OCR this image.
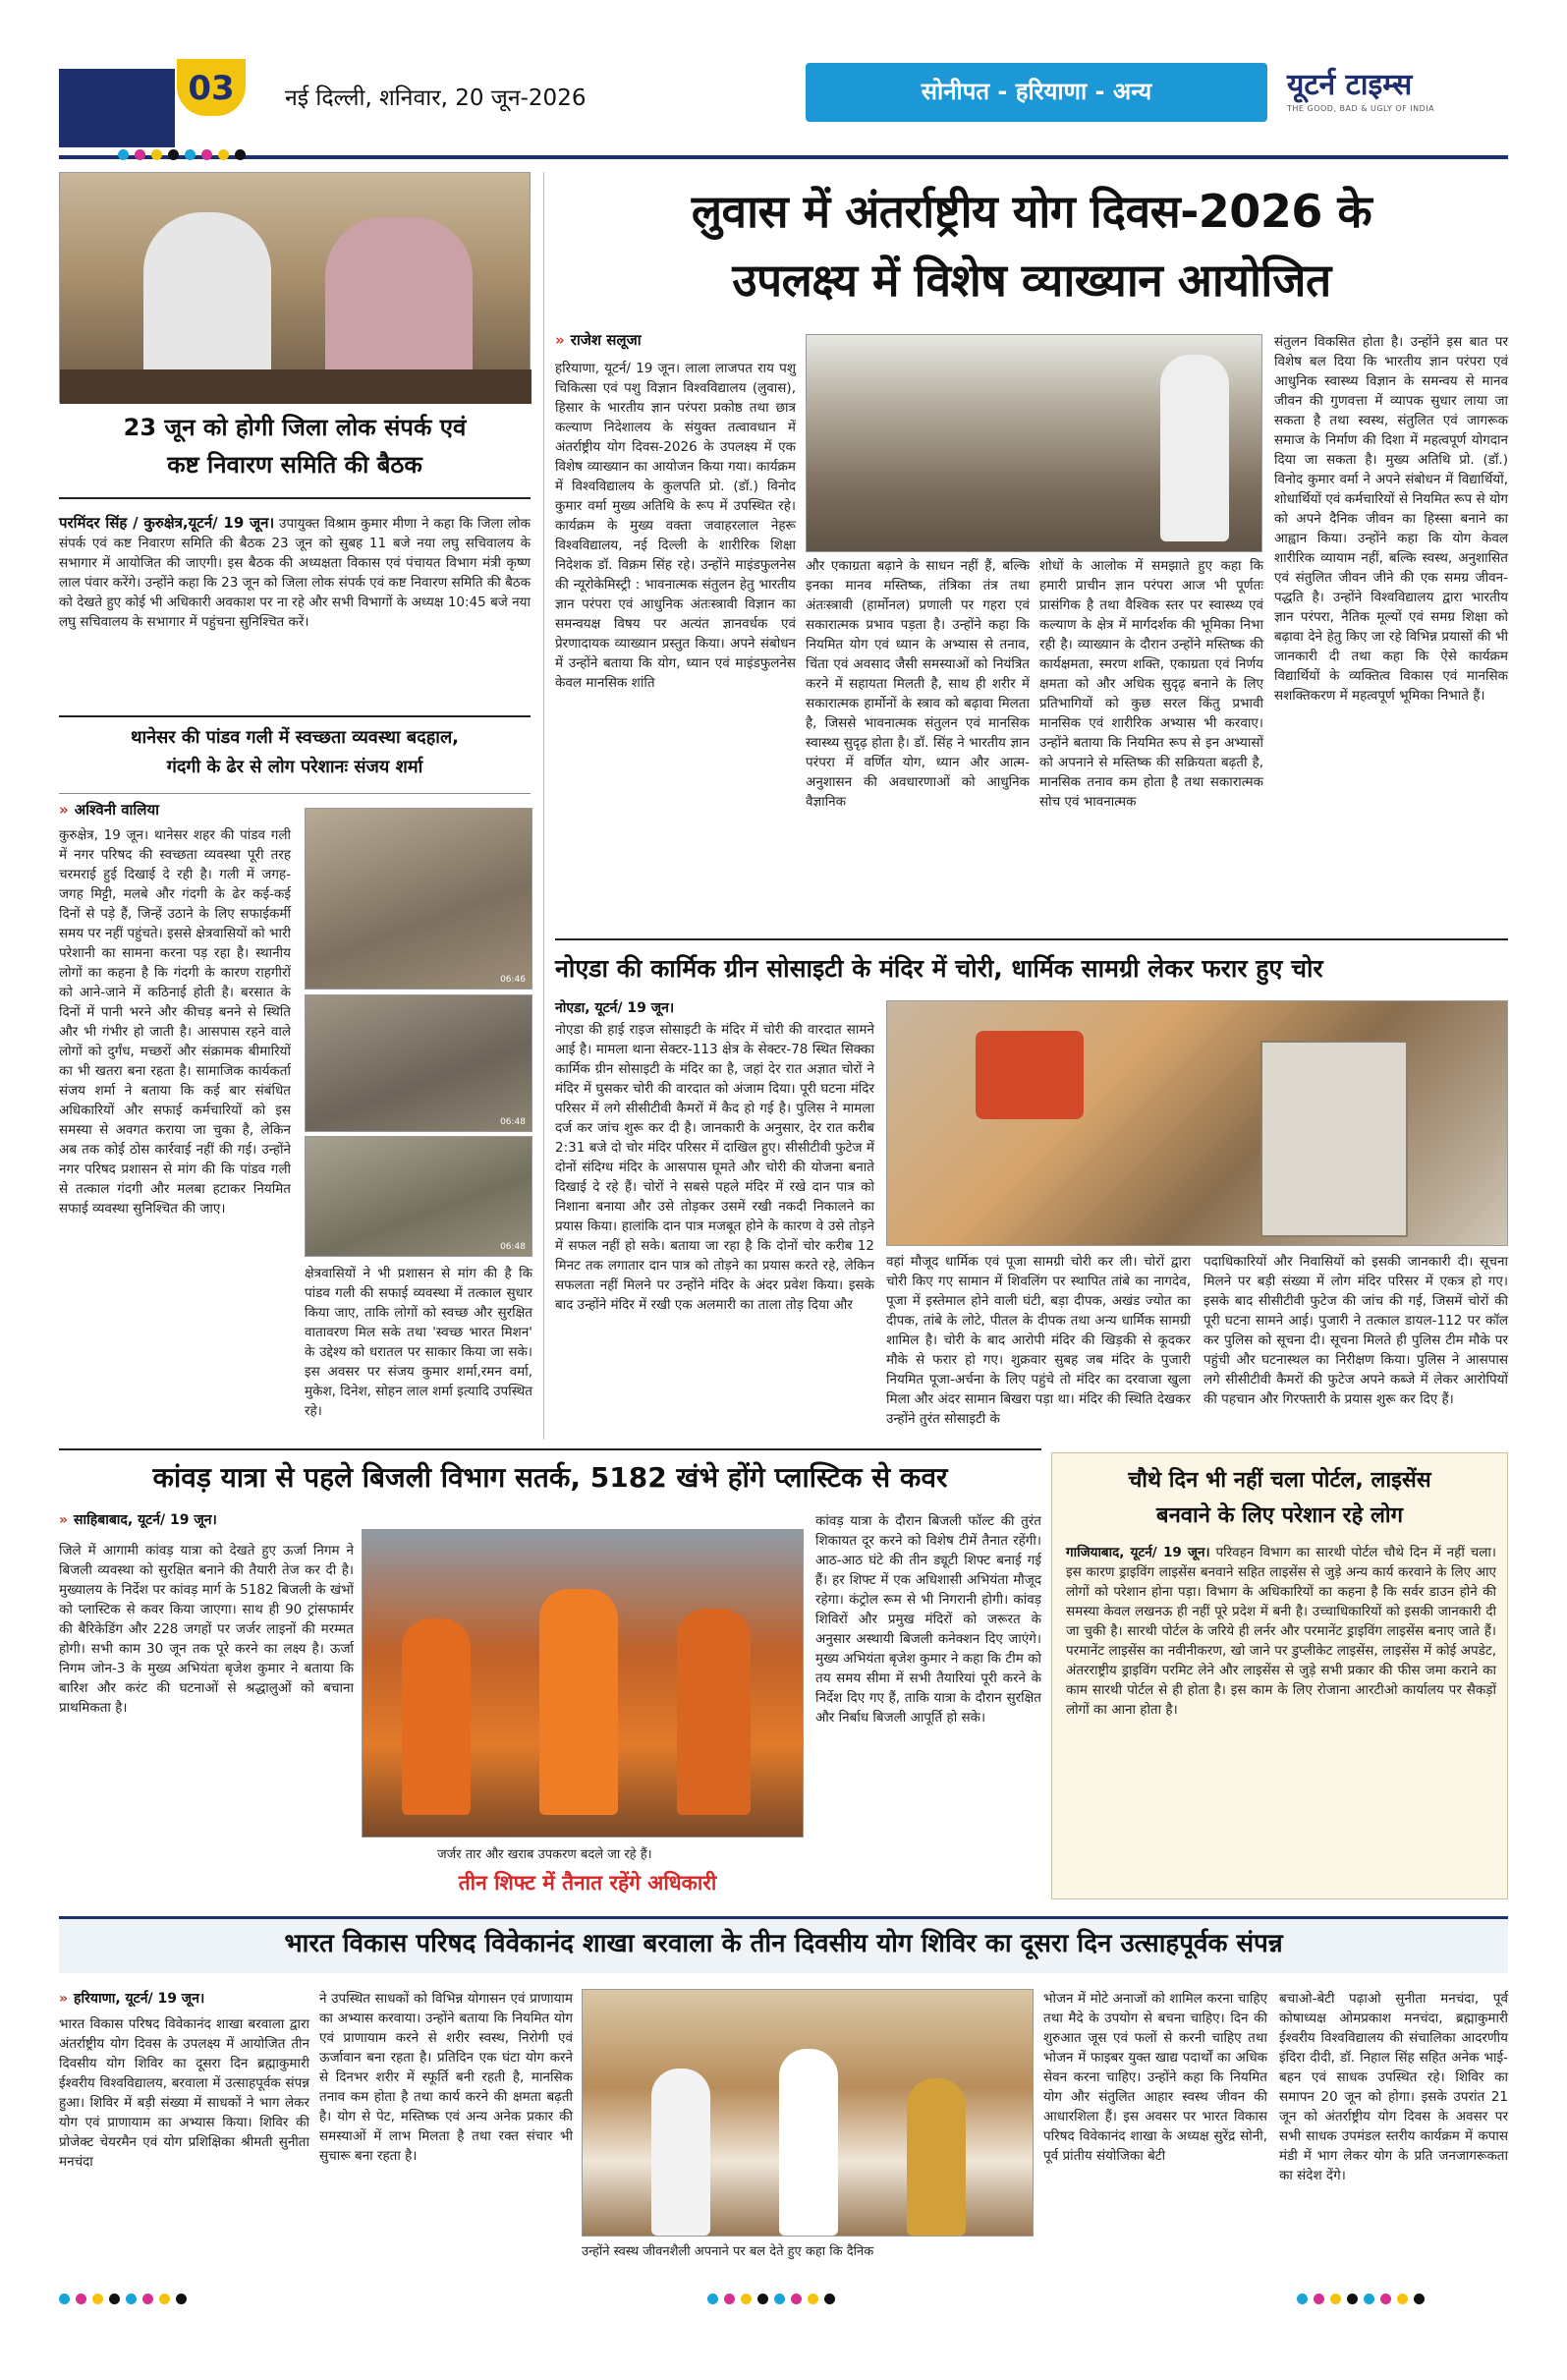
03	नई दिल्ली, शनिवार, 20 जून-2026	सोनीपत - हरियाणा - अन्य	यूटर्न टाइम्स
THE GOOD, BAD & UGLY OF INDIA
23 जून को होगी जिला लोक संपर्क एवं
कष्ट निवारण समिति की बैठक
परमिंदर सिंह / कुरुक्षेत्र,यूटर्न/ 19 जून। उपायुक्त विश्राम कुमार मीणा ने कहा कि जिला लोक संपर्क एवं कष्ट निवारण समिति की बैठक 23 जून को सुबह 11 बजे नया लघु सचिवालय के सभागार में आयोजित की जाएगी। इस बैठक की अध्यक्षता विकास एवं पंचायत विभाग मंत्री कृष्ण लाल पंवार करेंगे। उन्होंने कहा कि 23 जून को जिला लोक संपर्क एवं कष्ट निवारण समिति की बैठक को देखते हुए कोई भी अधिकारी अवकाश पर ना रहे और सभी विभागों के अध्यक्ष 10:45 बजे नया लघु सचिवालय के सभागार में पहुंचना सुनिश्चित करें।
थानेसर की पांडव गली में स्वच्छता व्यवस्था बदहाल,
गंदगी के ढेर से लोग परेशानः संजय शर्मा
» अश्विनी वालिया
कुरुक्षेत्र, 19 जून। थानेसर शहर की पांडव गली में नगर परिषद की स्वच्छता व्यवस्था पूरी तरह चरमराई हुई दिखाई दे रही है। गली में जगह-जगह मिट्टी, मलबे और गंदगी के ढेर कई-कई दिनों से पड़े हैं, जिन्हें उठाने के लिए सफाईकर्मी समय पर नहीं पहुंचते। इससे क्षेत्रवासियों को भारी परेशानी का सामना करना पड़ रहा है। स्थानीय लोगों का कहना है कि गंदगी के कारण राहगीरों को आने-जाने में कठिनाई होती है। बरसात के दिनों में पानी भरने और कीचड़ बनने से स्थिति और भी गंभीर हो जाती है। आसपास रहने वाले लोगों को दुर्गंध, मच्छरों और संक्रामक बीमारियों का भी खतरा बना रहता है। सामाजिक कार्यकर्ता संजय शर्मा ने बताया कि कई बार संबंधित अधिकारियों और सफाई कर्मचारियों को इस समस्या से अवगत कराया जा चुका है, लेकिन अब तक कोई ठोस कार्रवाई नहीं की गई। उन्होंने नगर परिषद प्रशासन से मांग की कि पांडव गली से तत्काल गंदगी और मलबा हटाकर नियमित सफाई व्यवस्था सुनिश्चित की जाए।
06:46
06:48
06:48
क्षेत्रवासियों ने भी प्रशासन से मांग की है कि पांडव गली की सफाई व्यवस्था में तत्काल सुधार किया जाए, ताकि लोगों को स्वच्छ और सुरक्षित वातावरण मिल सके तथा 'स्वच्छ भारत मिशन' के उद्देश्य को धरातल पर साकार किया जा सके। इस अवसर पर संजय कुमार शर्मा,रमन वर्मा, मुकेश, दिनेश, सोहन लाल शर्मा इत्यादि उपस्थित रहे।
लुवास में अंतर्राष्ट्रीय योग दिवस-2026 के
उपलक्ष्य में विशेष व्याख्यान आयोजित
» राजेश सलूजा
हरियाणा, यूटर्न/ 19 जून। लाला लाजपत राय पशु चिकित्सा एवं पशु विज्ञान विश्वविद्यालय (लुवास), हिसार के भारतीय ज्ञान परंपरा प्रकोष्ठ तथा छात्र कल्याण निदेशालय के संयुक्त तत्वावधान में अंतर्राष्ट्रीय योग दिवस-2026 के उपलक्ष्य में एक विशेष व्याख्यान का आयोजन किया गया। कार्यक्रम में विश्वविद्यालय के कुलपति प्रो. (डॉ.) विनोद कुमार वर्मा मुख्य अतिथि के रूप में उपस्थित रहे। कार्यक्रम के मुख्य वक्ता जवाहरलाल नेहरू विश्वविद्यालय, नई दिल्ली के शारीरिक शिक्षा निदेशक डॉ. विक्रम सिंह रहे। उन्होंने माइंडफुलनेस की न्यूरोकेमिस्ट्री : भावनात्मक संतुलन हेतु भारतीय ज्ञान परंपरा एवं आधुनिक अंतःस्त्रावी विज्ञान का समन्वयक्ष विषय पर अत्यंत ज्ञानवर्धक एवं प्रेरणादायक व्याख्यान प्रस्तुत किया। अपने संबोधन में उन्होंने बताया कि योग, ध्यान एवं माइंडफुलनेस केवल मानसिक शांति
और एकाग्रता बढ़ाने के साधन नहीं हैं, बल्कि इनका मानव मस्तिष्क, तंत्रिका तंत्र तथा अंतःस्त्रावी (हार्मोनल) प्रणाली पर गहरा एवं सकारात्मक प्रभाव पड़ता है। उन्होंने कहा कि नियमित योग एवं ध्यान के अभ्यास से तनाव, चिंता एवं अवसाद जैसी समस्याओं को नियंत्रित करने में सहायता मिलती है, साथ ही शरीर में सकारात्मक हार्मोनों के स्त्राव को बढ़ावा मिलता है, जिससे भावनात्मक संतुलन एवं मानसिक स्वास्थ्य सुदृढ़ होता है। डॉ. सिंह ने भारतीय ज्ञान परंपरा में वर्णित योग, ध्यान और आत्म-अनुशासन की अवधारणाओं को आधुनिक वैज्ञानिक
शोधों के आलोक में समझाते हुए कहा कि हमारी प्राचीन ज्ञान परंपरा आज भी पूर्णतः प्रासंगिक है तथा वैश्विक स्तर पर स्वास्थ्य एवं कल्याण के क्षेत्र में मार्गदर्शक की भूमिका निभा रही है। व्याख्यान के दौरान उन्होंने मस्तिष्क की कार्यक्षमता, स्मरण शक्ति, एकाग्रता एवं निर्णय क्षमता को और अधिक सुदृढ़ बनाने के लिए प्रतिभागियों को कुछ सरल किंतु प्रभावी मानसिक एवं शारीरिक अभ्यास भी करवाए। उन्होंने बताया कि नियमित रूप से इन अभ्यासों को अपनाने से मस्तिष्क की सक्रियता बढ़ती है, मानसिक तनाव कम होता है तथा सकारात्मक सोच एवं भावनात्मक
संतुलन विकसित होता है। उन्होंने इस बात पर विशेष बल दिया कि भारतीय ज्ञान परंपरा एवं आधुनिक स्वास्थ्य विज्ञान के समन्वय से मानव जीवन की गुणवत्ता में व्यापक सुधार लाया जा सकता है तथा स्वस्थ, संतुलित एवं जागरूक समाज के निर्माण की दिशा में महत्वपूर्ण योगदान दिया जा सकता है। मुख्य अतिथि प्रो. (डॉ.) विनोद कुमार वर्मा ने अपने संबोधन में विद्यार्थियों, शोधार्थियों एवं कर्मचारियों से नियमित रूप से योग को अपने दैनिक जीवन का हिस्सा बनाने का आह्वान किया। उन्होंने कहा कि योग केवल शारीरिक व्यायाम नहीं, बल्कि स्वस्थ, अनुशासित एवं संतुलित जीवन जीने की एक समग्र जीवन-पद्धति है। उन्होंने विश्वविद्यालय द्वारा भारतीय ज्ञान परंपरा, नैतिक मूल्यों एवं समग्र शिक्षा को बढ़ावा देने हेतु किए जा रहे विभिन्न प्रयासों की भी जानकारी दी तथा कहा कि ऐसे कार्यक्रम विद्यार्थियों के व्यक्तित्व विकास एवं मानसिक सशक्तिकरण में महत्वपूर्ण भूमिका निभाते हैं।
नोएडा की कार्मिक ग्रीन सोसाइटी के मंदिर में चोरी, धार्मिक सामग्री लेकर फरार हुए चोर
नोएडा, यूटर्न/ 19 जून।
नोएडा की हाई राइज सोसाइटी के मंदिर में चोरी की वारदात सामने आई है। मामला थाना सेक्टर-113 क्षेत्र के सेक्टर-78 स्थित सिक्का कार्मिक ग्रीन सोसाइटी के मंदिर का है, जहां देर रात अज्ञात चोरों ने मंदिर में घुसकर चोरी की वारदात को अंजाम दिया। पूरी घटना मंदिर परिसर में लगे सीसीटीवी कैमरों में कैद हो गई है। पुलिस ने मामला दर्ज कर जांच शुरू कर दी है। जानकारी के अनुसार, देर रात करीब 2:31 बजे दो चोर मंदिर परिसर में दाखिल हुए। सीसीटीवी फुटेज में दोनों संदिग्ध मंदिर के आसपास घूमते और चोरी की योजना बनाते दिखाई दे रहे हैं। चोरों ने सबसे पहले मंदिर में रखे दान पात्र को निशाना बनाया और उसे तोड़कर उसमें रखी नकदी निकालने का प्रयास किया। हालांकि दान पात्र मजबूत होने के कारण वे उसे तोड़ने में सफल नहीं हो सके। बताया जा रहा है कि दोनों चोर करीब 12 मिनट तक लगातार दान पात्र को तोड़ने का प्रयास करते रहे, लेकिन सफलता नहीं मिलने पर उन्होंने मंदिर के अंदर प्रवेश किया। इसके बाद उन्होंने मंदिर में रखी एक अलमारी का ताला तोड़ दिया और
वहां मौजूद धार्मिक एवं पूजा सामग्री चोरी कर ली। चोरों द्वारा चोरी किए गए सामान में शिवलिंग पर स्थापित तांबे का नागदेव, पूजा में इस्तेमाल होने वाली घंटी, बड़ा दीपक, अखंड ज्योत का दीपक, तांबे के लोटे, पीतल के दीपक तथा अन्य धार्मिक सामग्री शामिल है। चोरी के बाद आरोपी मंदिर की खिड़की से कूदकर मौके से फरार हो गए। शुक्रवार सुबह जब मंदिर के पुजारी नियमित पूजा-अर्चना के लिए पहुंचे तो मंदिर का दरवाजा खुला मिला और अंदर सामान बिखरा पड़ा था। मंदिर की स्थिति देखकर उन्होंने तुरंत सोसाइटी के
पदाधिकारियों और निवासियों को इसकी जानकारी दी। सूचना मिलने पर बड़ी संख्या में लोग मंदिर परिसर में एकत्र हो गए। इसके बाद सीसीटीवी फुटेज की जांच की गई, जिसमें चोरों की पूरी घटना सामने आई। पुजारी ने तत्काल डायल-112 पर कॉल कर पुलिस को सूचना दी। सूचना मिलते ही पुलिस टीम मौके पर पहुंची और घटनास्थल का निरीक्षण किया। पुलिस ने आसपास लगे सीसीटीवी कैमरों की फुटेज अपने कब्जे में लेकर आरोपियों की पहचान और गिरफ्तारी के प्रयास शुरू कर दिए हैं।
कांवड़ यात्रा से पहले बिजली विभाग सतर्क, 5182 खंभे होंगे प्लास्टिक से कवर
» साहिबाबाद, यूटर्न/ 19 जून।
जिले में आगामी कांवड़ यात्रा को देखते हुए ऊर्जा निगम ने बिजली व्यवस्था को सुरक्षित बनाने की तैयारी तेज कर दी है। मुख्यालय के निर्देश पर कांवड़ मार्ग के 5182 बिजली के खंभों को प्लास्टिक से कवर किया जाएगा। साथ ही 90 ट्रांसफार्मर की बैरिकेडिंग और 228 जगहों पर जर्जर लाइनों की मरम्मत होगी। सभी काम 30 जून तक पूरे करने का लक्ष्य है। ऊर्जा निगम जोन-3 के मुख्य अभियंता बृजेश कुमार ने बताया कि बारिश और करंट की घटनाओं से श्रद्धालुओं को बचाना प्राथमिकता है।
जर्जर तार और खराब उपकरण बदले जा रहे हैं।
तीन शिफ्ट में तैनात रहेंगे अधिकारी
कांवड़ यात्रा के दौरान बिजली फॉल्ट की तुरंत शिकायत दूर करने को विशेष टीमें तैनात रहेंगी। आठ-आठ घंटे की तीन ड्यूटी शिफ्ट बनाई गई हैं। हर शिफ्ट में एक अधिशासी अभियंता मौजूद रहेगा। कंट्रोल रूम से भी निगरानी होगी। कांवड़ शिविरों और प्रमुख मंदिरों को जरूरत के अनुसार अस्थायी बिजली कनेक्शन दिए जाएंगे। मुख्य अभियंता बृजेश कुमार ने कहा कि टीम को तय समय सीमा में सभी तैयारियां पूरी करने के निर्देश दिए गए हैं, ताकि यात्रा के दौरान सुरक्षित और निर्बाध बिजली आपूर्ति हो सके।
चौथे दिन भी नहीं चला पोर्टल, लाइसेंस
बनवाने के लिए परेशान रहे लोग
गाजियाबाद, यूटर्न/ 19 जून। परिवहन विभाग का सारथी पोर्टल चौथे दिन में नहीं चला। इस कारण ड्राइविंग लाइसेंस बनवाने सहित लाइसेंस से जुड़े अन्य कार्य करवाने के लिए आए लोगों को परेशान होना पड़ा। विभाग के अधिकारियों का कहना है कि सर्वर डाउन होने की समस्या केवल लखनऊ ही नहीं पूरे प्रदेश में बनी है। उच्चाधिकारियों को इसकी जानकारी दी जा चुकी है। सारथी पोर्टल के जरिये ही लर्नर और परमानेंट ड्राइविंग लाइसेंस बनाए जाते हैं। परमानेंट लाइसेंस का नवीनीकरण, खो जाने पर डुप्लीकेट लाइसेंस, लाइसेंस में कोई अपडेट, अंतरराष्ट्रीय ड्राइविंग परमिट लेने और लाइसेंस से जुड़े सभी प्रकार की फीस जमा कराने का काम सारथी पोर्टल से ही होता है। इस काम के लिए रोजाना आरटीओ कार्यालय पर सैकड़ों लोगों का आना होता है।
भारत विकास परिषद विवेकानंद शाखा बरवाला के तीन दिवसीय योग शिविर का दूसरा दिन उत्साहपूर्वक संपन्न
» हरियाणा, यूटर्न/ 19 जून।
भारत विकास परिषद विवेकानंद शाखा बरवाला द्वारा अंतर्राष्ट्रीय योग दिवस के उपलक्ष्य में आयोजित तीन दिवसीय योग शिविर का दूसरा दिन ब्रह्माकुमारी ईश्वरीय विश्वविद्यालय, बरवाला में उत्साहपूर्वक संपन्न हुआ। शिविर में बड़ी संख्या में साधकों ने भाग लेकर योग एवं प्राणायाम का अभ्यास किया। शिविर की प्रोजेक्ट चेयरमैन एवं योग प्रशिक्षिका श्रीमती सुनीता मनचंदा
ने उपस्थित साधकों को विभिन्न योगासन एवं प्राणायाम का अभ्यास करवाया। उन्होंने बताया कि नियमित योग एवं प्राणायाम करने से शरीर स्वस्थ, निरोगी एवं ऊर्जावान बना रहता है। प्रतिदिन एक घंटा योग करने से दिनभर शरीर में स्फूर्ति बनी रहती है, मानसिक तनाव कम होता है तथा कार्य करने की क्षमता बढ़ती है। योग से पेट, मस्तिष्क एवं अन्य अनेक प्रकार की समस्याओं में लाभ मिलता है तथा रक्त संचार भी सुचारू बना रहता है।
उन्होंने स्वस्थ जीवनशैली अपनाने पर बल देते हुए कहा कि दैनिक
भोजन में मोटे अनाजों को शामिल करना चाहिए तथा मैदे के उपयोग से बचना चाहिए। दिन की शुरुआत जूस एवं फलों से करनी चाहिए तथा भोजन में फाइबर युक्त खाद्य पदार्थों का अधिक सेवन करना चाहिए। उन्होंने कहा कि नियमित योग और संतुलित आहार स्वस्थ जीवन की आधारशिला हैं। इस अवसर पर भारत विकास परिषद विवेकानंद शाखा के अध्यक्ष सुरेंद्र सोनी, पूर्व प्रांतीय संयोजिका बेटी
बचाओ-बेटी पढ़ाओ सुनीता मनचंदा, पूर्व कोषाध्यक्ष ओमप्रकाश मनचंदा, ब्रह्माकुमारी ईश्वरीय विश्वविद्यालय की संचालिका आदरणीय इंदिरा दीदी, डॉ. निहाल सिंह सहित अनेक भाई-बहन एवं साधक उपस्थित रहे। शिविर का समापन 20 जून को होगा। इसके उपरांत 21 जून को अंतर्राष्ट्रीय योग दिवस के अवसर पर सभी साधक उपमंडल स्तरीय कार्यक्रम में कपास मंडी में भाग लेकर योग के प्रति जनजागरूकता का संदेश देंगे।
